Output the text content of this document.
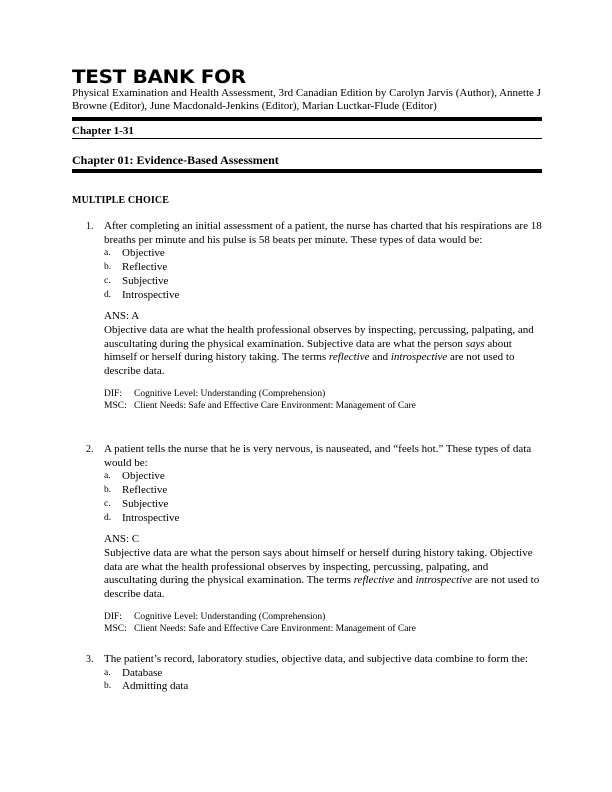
TEST BANK FOR
Physical Examination and Health Assessment, 3rd Canadian Edition by Carolyn Jarvis (Author), Annette J Browne (Editor), June Macdonald-Jenkins (Editor), Marian Luctkar-Flude (Editor)
Chapter 1-31
Chapter 01: Evidence-Based Assessment
MULTIPLE CHOICE
1. After completing an initial assessment of a patient, the nurse has charted that his respirations are 18 breaths per minute and his pulse is 58 beats per minute. These types of data would be:
a.	Objective
b. Reflective
c.	Subjective
d. Introspective
ANS: A
Objective data are what the health professional observes by inspecting, percussing, palpating, and auscultating during the physical examination. Subjective data are what the person says about himself or herself during history taking. The terms reflective and introspective are not used to describe data.
DIF: Cognitive Level: Understanding (Comprehension)
MSC: Client Needs: Safe and Effective Care Environment: Management of Care
2. A patient tells the nurse that he is very nervous, is nauseated, and “feels hot.” These types of data would be:
a.	Objective
b. Reflective
c.	Subjective
d. Introspective
ANS: C
Subjective data are what the person says about himself or herself during history taking. Objective data are what the health professional observes by inspecting, percussing, palpating, and auscultating during the physical examination. The terms reflective and introspective are not used to describe data.
DIF: Cognitive Level: Understanding (Comprehension)
MSC: Client Needs: Safe and Effective Care Environment: Management of Care
3. The patient’s record, laboratory studies, objective data, and subjective data combine to form the:
a.	Database
b. Admitting data
